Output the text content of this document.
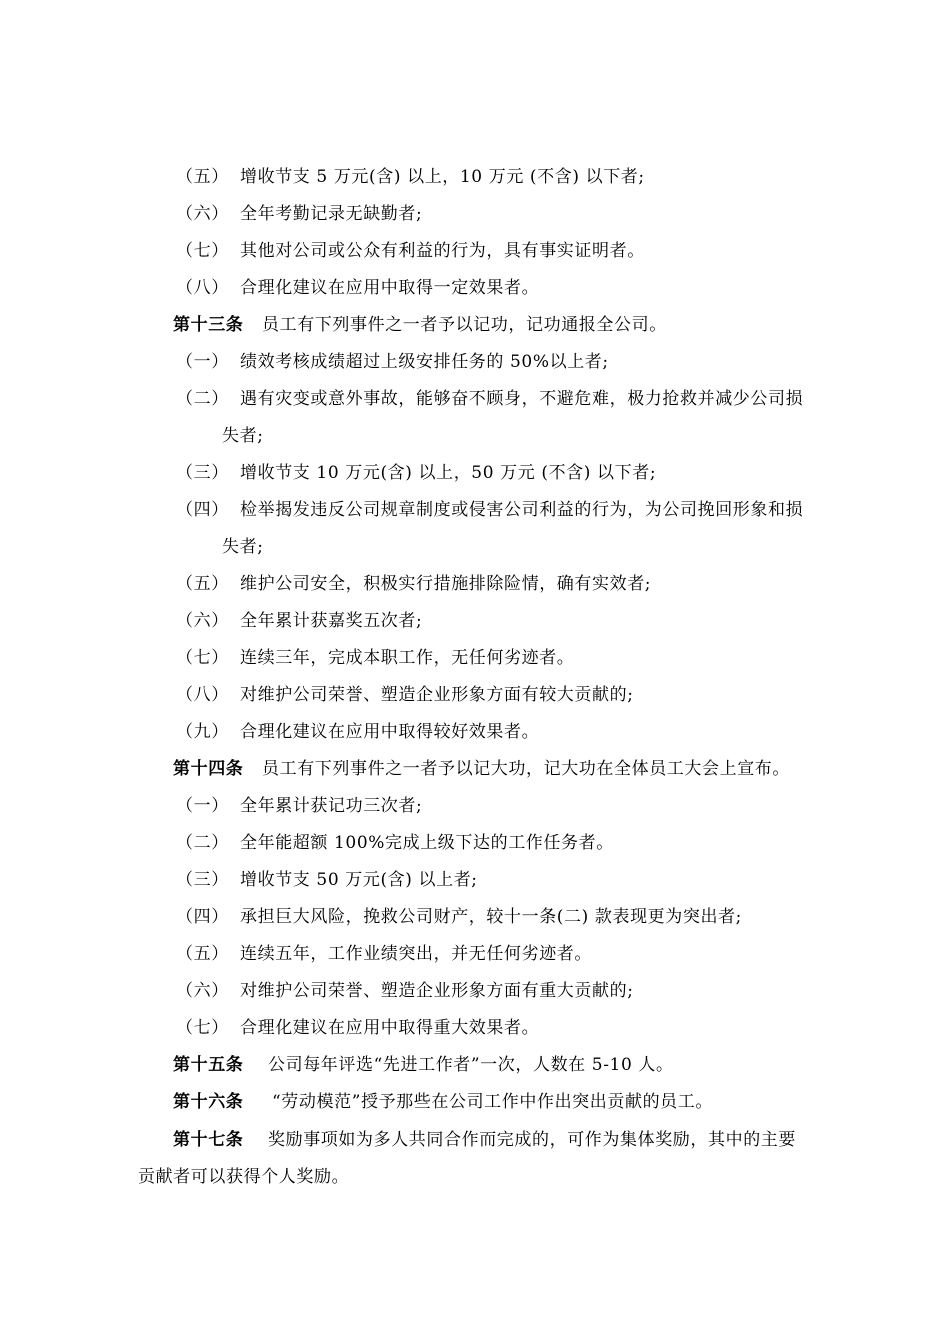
（五） 增收节支 5 万元(含) 以上，10 万元 (不含) 以下者;
（六） 全年考勤记录无缺勤者;
（七） 其他对公司或公众有利益的行为，具有事实证明者。
（八） 合理化建议在应用中取得一定效果者。
第十三条 员工有下列事件之一者予以记功，记功通报全公司。
（一） 绩效考核成绩超过上级安排任务的 50%以上者;
（二） 遇有灾变或意外事故，能够奋不顾身，不避危难，极力抢救并减少公司损
失者;
（三） 增收节支 10 万元(含) 以上，50 万元 (不含) 以下者;
（四） 检举揭发违反公司规章制度或侵害公司利益的行为，为公司挽回形象和损
失者;
（五） 维护公司安全，积极实行措施排除险情，确有实效者;
（六） 全年累计获嘉奖五次者;
（七） 连续三年，完成本职工作，无任何劣迹者。
（八） 对维护公司荣誉、塑造企业形象方面有较大贡献的;
（九） 合理化建议在应用中取得较好效果者。
第十四条 员工有下列事件之一者予以记大功，记大功在全体员工大会上宣布。
（一） 全年累计获记功三次者;
（二） 全年能超额 100%完成上级下达的工作任务者。
（三） 增收节支 50 万元(含) 以上者;
（四） 承担巨大风险，挽救公司财产，较十一条(二) 款表现更为突出者;
（五） 连续五年，工作业绩突出，并无任何劣迹者。
（六） 对维护公司荣誉、塑造企业形象方面有重大贡献的;
（七） 合理化建议在应用中取得重大效果者。
第十五条 公司每年评选“先进工作者”一次，人数在 5-10 人。
第十六条 “劳动模范”授予那些在公司工作中作出突出贡献的员工。
第十七条 奖励事项如为多人共同合作而完成的，可作为集体奖励，其中的主要
贡献者可以获得个人奖励。
